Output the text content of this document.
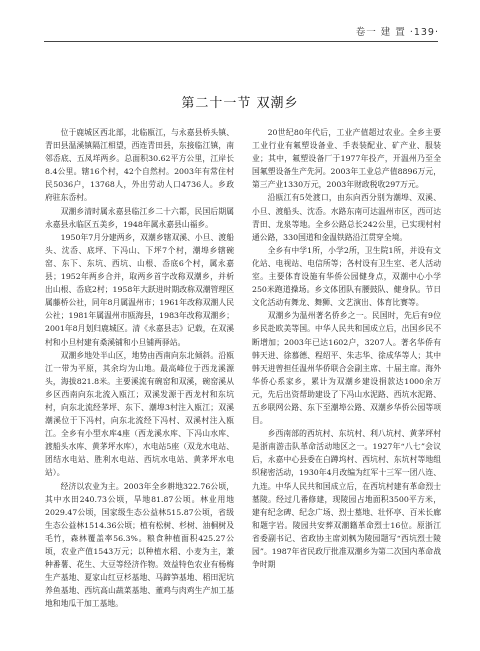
卷一 建 置 ·139·
第二十一节 双潮乡

位于鹿城区西北部，北临瓯江，与永嘉县桥头镇、青田县温溪镇隔江相望，西连青田县，东接临江镇，南邻岙底、五凤垟两乡。总面积30.62平方公里，江岸长8.4公里。辖16个村，42个自然村。2003年有常住村民5036户，13768人，外出劳动人口4736人。乡政府驻东岙村。

双潮乡清时属永嘉县临江乡二十六都，民国后期属永嘉县永临区五美乡，1948年属永嘉县山福乡。

1950年7月分建两乡，双潮乡辖双溪、小旦、渡船头、沈岙、底坪、下冯山、下坪7个村，潮埠乡辖碗窑、东下、东坑、西坑、山根、岙底6个村，属永嘉县；1952年两乡合并，取两乡首字改称双潮乡，并析出山根、岙底2村；1958年大跃进时期改称双潮管理区属藤桥公社，同年8月属温州市；1961年改称双潮人民公社；1981年属温州市瓯海县，1983年改称双潮乡；2001年8月划归鹿城区。清《永嘉县志》记载，在双溪村和小旦村建有桑溪铺和小旦铺两驿站。

双潮乡地处半山区，地势由西南向东北倾斜。沿瓯江一带为平原，其余均为山地。最高峰位于西龙溪源头，海拔821.8米。主要溪流有碗窑和双溪，碗窑溪从乡区西南向东北流入瓯江；双溪发源于西龙村和东坑村，向东北流经茅坪、东下、潮埠3村注入瓯江；双溪潮溪位于下冯村，向东北流经下冯村、双溪村注入瓯江。全乡有小型水库4座（西龙溪水库、下冯山水库、渡船头水库、黄茅坪水库），水电站5座（双龙水电站、团结水电站、胜利水电站、西坑水电站、黄茅坪水电站）。

经济以农业为主。2003年全乡耕地322.76公顷，其中水田240.73公顷，旱地81.87公顷。林业用地2029.47公顷，国家级生态公益林515.87公顷，省级生态公益林1514.36公顷；植有松树、杉树、油桐树及毛竹，森林覆盖率56.3%。粮食种植面积425.27公顷，农业产值1543万元；以种植水稻、小麦为主，兼种番薯、花生、大豆等经济作物。效益特色农业有杨梅生产基地、夏家山红豆杉基地、马蹄笋基地、稻田泥坑养鱼基地、西坑高山蔬菜基地、董鸡与肉鸡生产加工基地和地瓜干加工基地。

20世纪80年代后，工业产值超过农业。全乡主要工业行业有氟塑设备业、手表装配业、矿产业、服装业；其中，氟塑设备厂于1977年投产，开温州乃至全国氟塑设备生产先河。2003年工业总产值8896万元，第三产业1330万元，2003年财政税收297万元。

沿瓯江有5处渡口，由东向西分别为潮埠、双溪、小旦、渡船头、沈岙。水路东南可达温州市区，西可达青田、龙泉等地。全乡公路总长242公里，已实现村村通公路，330国道和金温铁路沿江贯穿全境。

全乡有中学1所，小学2所，卫生院1所，并设有文化站、电视站、电信所等；各村设有卫生室、老人活动室。主要体育设施有华侨公园健身点，双潮中心小学250米跑道操场。乡文体团队有腰鼓队、健身队。节日文化活动有舞龙、舞狮、文艺演出、体育比赛等。

双潮乡为温州著名侨乡之一。民国时，先后有9位乡民赴欧美等国。中华人民共和国成立后，出国乡民不断增加；2003年已达1602户，3207人。著名华侨有韩天进、徐慕德、程绍平、朱志华、徐成华等人；其中韩天进曾担任温州华侨联合会副主席、十届主席。海外华侨心系家乡，累计为双潮乡建设捐款达1000余万元，先后出资帮助建设了下冯山水泥路、西坑水泥路、五乡联网公路、东下至潮埠公路、双潮乡华侨公园等项目。

乡西南部的西坑村、东坑村、利八坑村、黄茅坪村是浙南游击队革命活动地区之一。1927年“八七”会议后，永嘉中心县委在白蹲坞村、西坑村、东坑村等地组织秘密活动，1930年4月改编为红军十三军一团八连、九连。中华人民共和国成立后，在西坑村建有革命烈士墓陵。经过几番修建，现陵园占地面积3500平方米，建有纪念碑、纪念广场、烈士墓地、壮怀亭、百米长廊和题字岩。陵园共安葬双潮籍革命烈士16位。原浙江省委副书记、省政协主席刘枫为陵园题写“西坑烈士陵园”。1987年省民政厅批准双潮乡为第二次国内革命战争时期
